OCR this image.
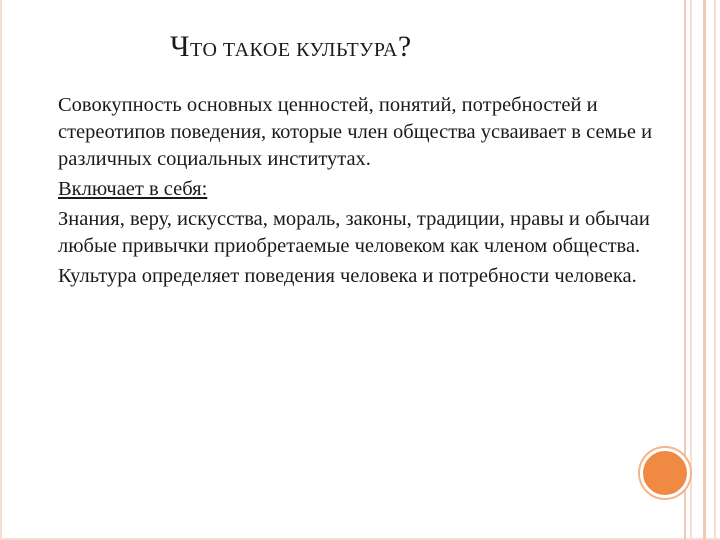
ЧТО ТАКОЕ КУЛЬТУРА?

Совокупность основных ценностей, понятий, потребностей и стереотипов поведения, которые член общества усваивает в семье и различных социальных институтах.

Включает в себя:

Знания, веру, искусства, мораль, законы, традиции, нравы и обычаи любые привычки приобретаемые человеком как членом общества.

Культура определяет поведения человека и потребности человека.
